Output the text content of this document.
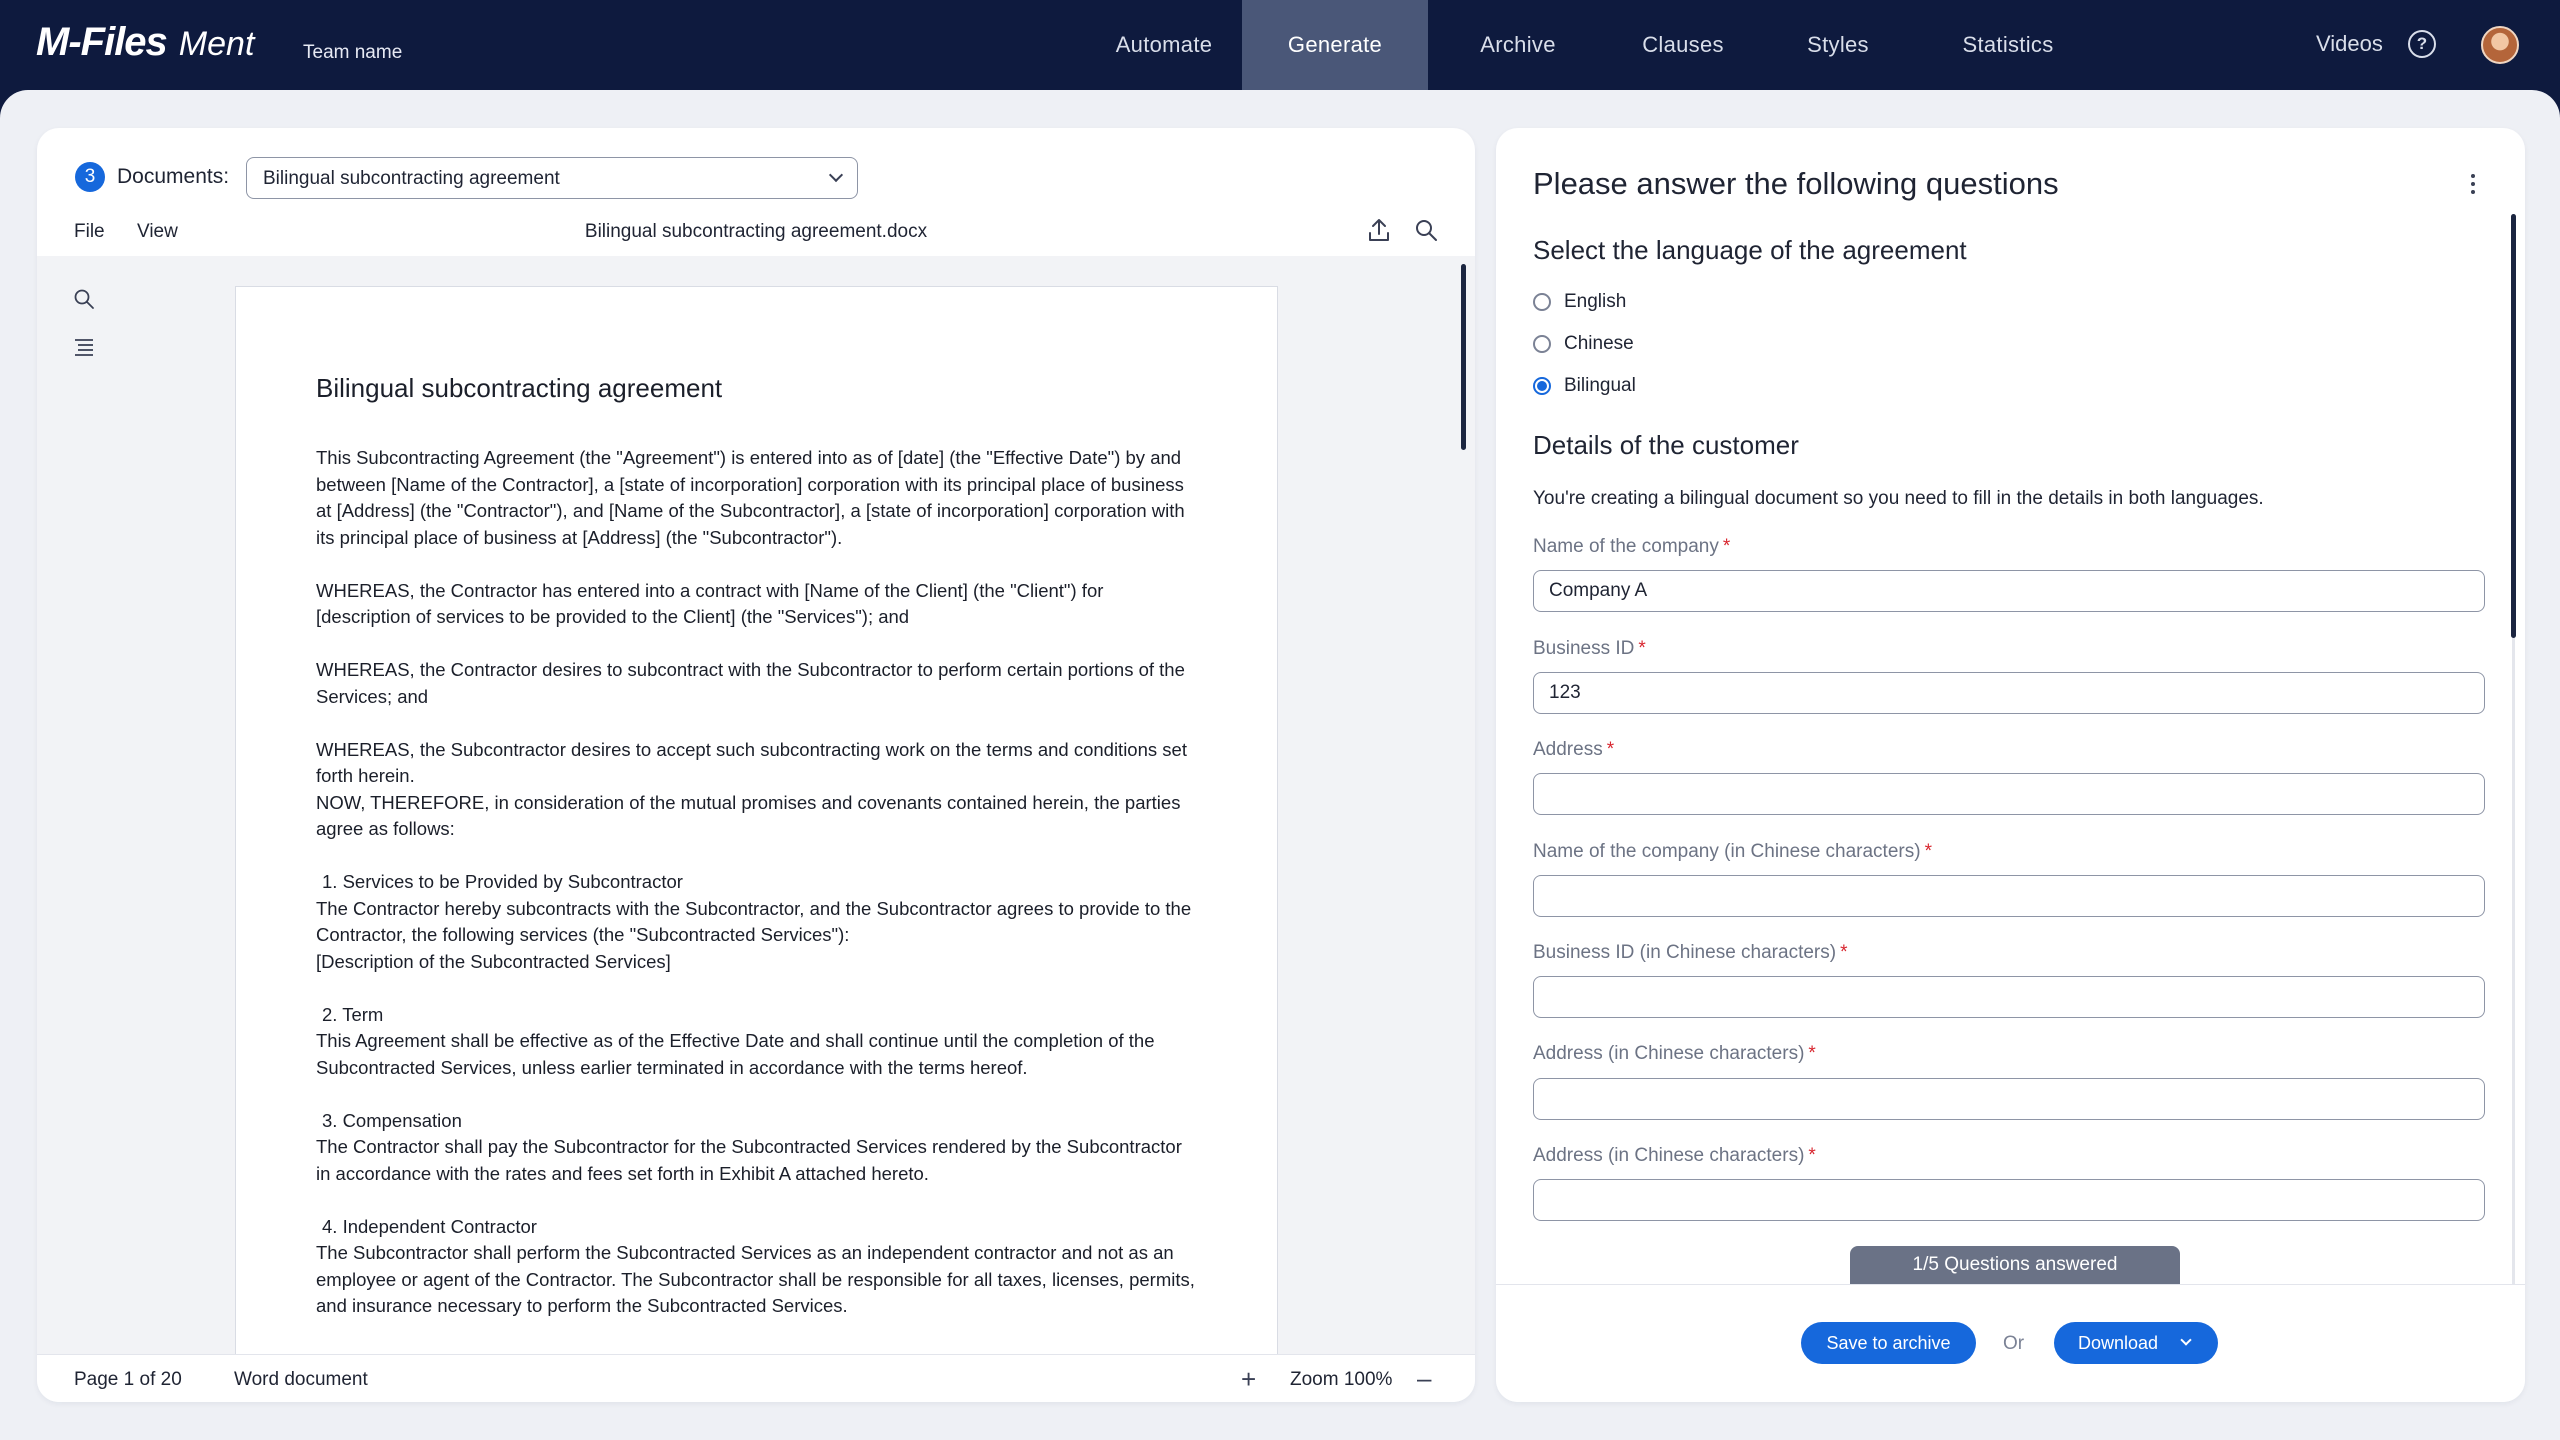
M-Files Ment	Team name	Automate	Generate	Archive	Clauses	Styles	Statistics	Videos	?
3	Documents:	Bilingual subcontracting agreement
File View	Bilingual subcontracting agreement.docx
Bilingual subcontracting agreement

This Subcontracting Agreement (the "Agreement") is entered into as of [date] (the "Effective Date") by and between [Name of the Contractor], a [state of incorporation] corporation with its principal place of business at [Address] (the "Contractor"), and [Name of the Subcontractor], a [state of incorporation] corporation with its principal place of business at [Address] (the "Subcontractor").

WHEREAS, the Contractor has entered into a contract with [Name of the Client] (the "Client") for [description of services to be provided to the Client] (the "Services"); and

WHEREAS, the Contractor desires to subcontract with the Subcontractor to perform certain portions of the Services; and

WHEREAS, the Subcontractor desires to accept such subcontracting work on the terms and conditions set forth herein.

NOW, THEREFORE, in consideration of the mutual promises and covenants contained herein, the parties agree as follows:

1. Services to be Provided by Subcontractor

The Contractor hereby subcontracts with the Subcontractor, and the Subcontractor agrees to provide to the Contractor, the following services (the "Subcontracted Services"):

[Description of the Subcontracted Services]

2. Term

This Agreement shall be effective as of the Effective Date and shall continue until the completion of the Subcontracted Services, unless earlier terminated in accordance with the terms hereof.

3. Compensation

The Contractor shall pay the Subcontractor for the Subcontracted Services rendered by the Subcontractor in accordance with the rates and fees set forth in Exhibit A attached hereto.

4. Independent Contractor

The Subcontractor shall perform the Subcontracted Services as an independent contractor and not as an employee or agent of the Contractor. The Subcontractor shall be responsible for all taxes, licenses, permits, and insurance necessary to perform the Subcontracted Services.

Page 1 of 20	Word document	+ Zoom 100% –
Please answer the following questions
Select the language of the agreement
English
Chinese
Bilingual
Details of the customer
You're creating a bilingual document so you need to fill in the details in both languages.
Name of the company *
Company A
Business ID *
123
Address *
Name of the company (in Chinese characters) *
Business ID (in Chinese characters) *
Address (in Chinese characters) *
Address (in Chinese characters) *
1/5 Questions answered
Save to archive	Or	Download
